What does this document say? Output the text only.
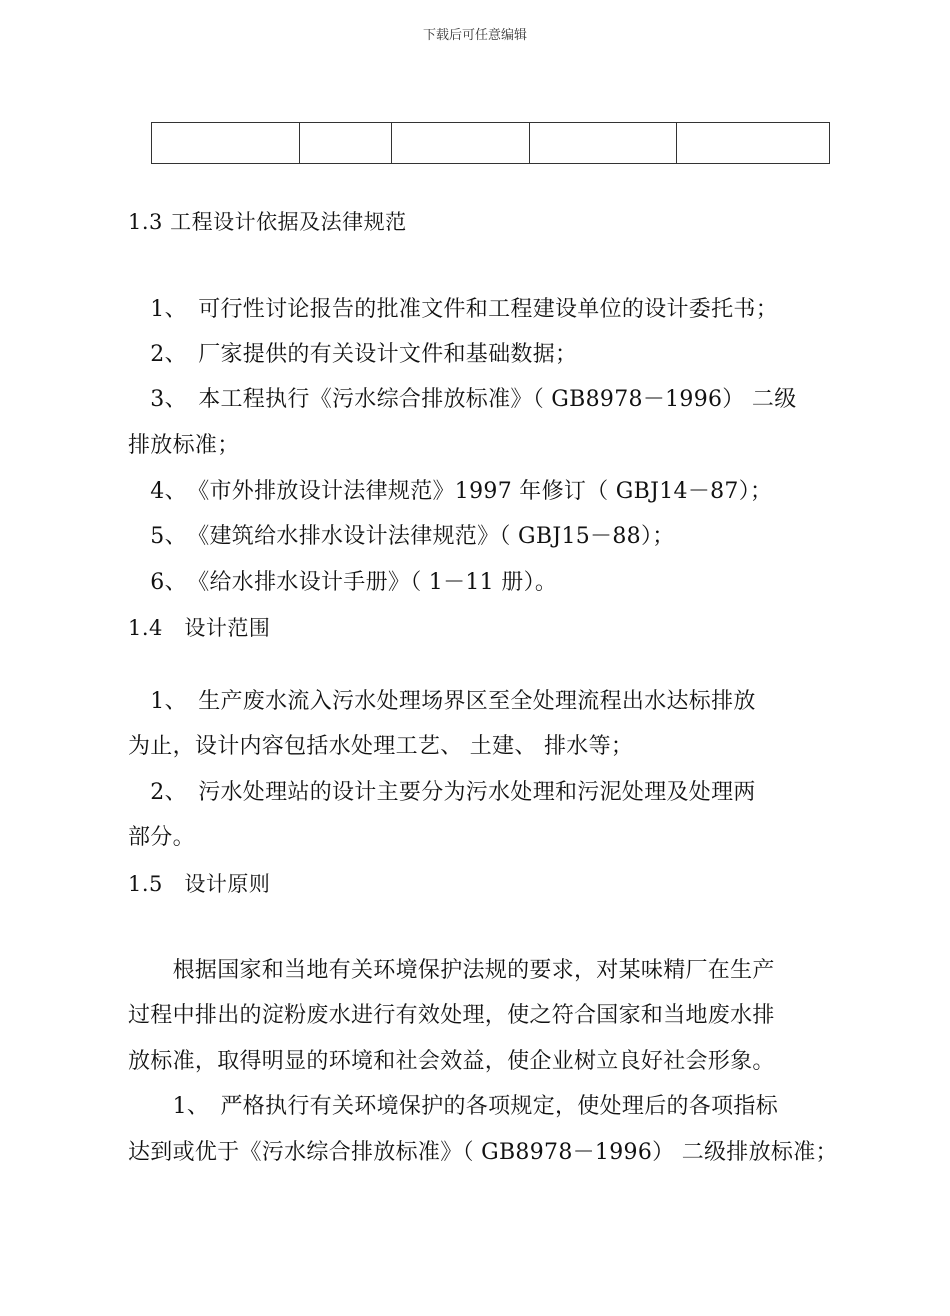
下载后可任意编辑

1.3 工程设计依据及法律规范
　1、　可行性讨论报告的批准文件和工程建设单位的设计委托书；
　2、　厂家提供的有关设计文件和基础数据；
　3、　本工程执行《污水综合排放标准》（ GB8978－1996） 二级
排放标准；
　4、　《市外排放设计法律规范》1997 年修订（ GBJ14－87）；
　5、　《建筑给水排水设计法律规范》（ GBJ15－88）；
　6、　《给水排水设计手册》（ 1－11 册）。
1.4　设计范围
　1、　生产废水流入污水处理场界区至全处理流程出水达标排放
为止，设计内容包括水处理工艺、 土建、 排水等；
　2、　污水处理站的设计主要分为污水处理和污泥处理及处理两
部分。
1.5　设计原则
　　根据国家和当地有关环境保护法规的要求，对某味精厂在生产
过程中排出的淀粉废水进行有效处理，使之符合国家和当地废水排
放标准，取得明显的环境和社会效益，使企业树立良好社会形象。
　　1、　严格执行有关环境保护的各项规定，使处理后的各项指标
达到或优于《污水综合排放标准》（ GB8978－1996） 二级排放标准；
